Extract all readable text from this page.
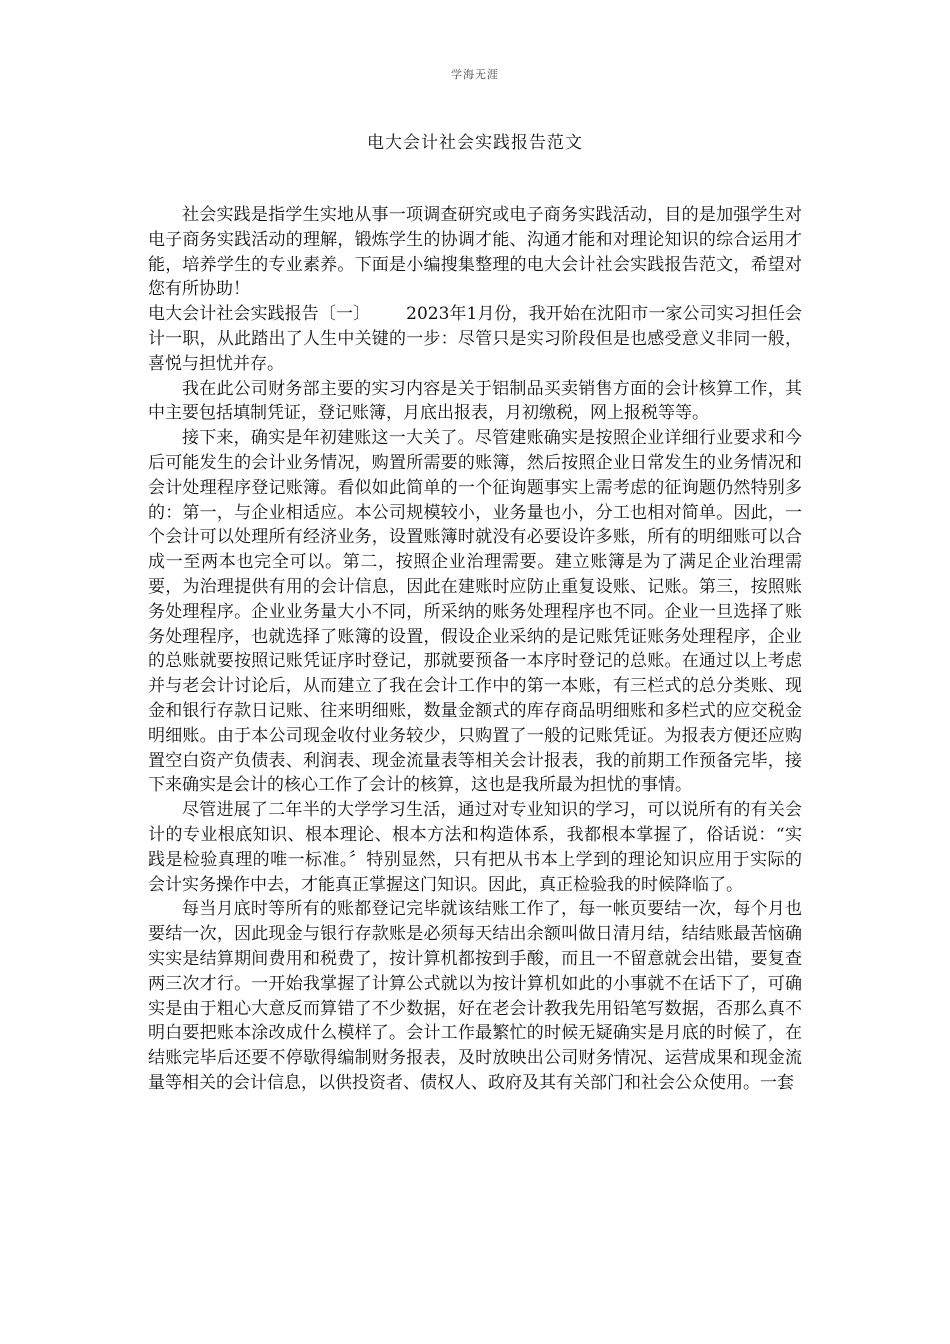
学海无涯
电大会计社会实践报告范文

社会实践是指学生实地从事一项调查研究或电子商务实践活动，目的是加强学生对电子商务实践活动的理解，锻炼学生的协调才能、沟通才能和对理论知识的综合运用才能，培养学生的专业素养。下面是小编搜集整理的电大会计社会实践报告范文，希望对您有所协助！

电大会计社会实践报告〔一〕 2023年1月份，我开始在沈阳市一家公司实习担任会计一职，从此踏出了人生中关键的一步：尽管只是实习阶段但是也感受意义非同一般，喜悦与担忧并存。

我在此公司财务部主要的实习内容是关于铝制品买卖销售方面的会计核算工作，其中主要包括填制凭证，登记账簿，月底出报表，月初缴税，网上报税等等。

接下来，确实是年初建账这一大关了。尽管建账确实是按照企业详细行业要求和今后可能发生的会计业务情况，购置所需要的账簿，然后按照企业日常发生的业务情况和会计处理程序登记账簿。看似如此简单的一个征询题事实上需考虑的征询题仍然特别多的：第一，与企业相适应。本公司规模较小，业务量也小，分工也相对简单。因此，一个会计可以处理所有经济业务，设置账簿时就没有必要设许多账，所有的明细账可以合成一至两本也完全可以。第二，按照企业治理需要。建立账簿是为了满足企业治理需要，为治理提供有用的会计信息，因此在建账时应防止重复设账、记账。第三，按照账务处理程序。企业业务量大小不同，所采纳的账务处理程序也不同。企业一旦选择了账务处理程序，也就选择了账簿的设置，假设企业采纳的是记账凭证账务处理程序，企业的总账就要按照记账凭证序时登记，那就要预备一本序时登记的总账。在通过以上考虑并与老会计讨论后，从而建立了我在会计工作中的第一本账，有三栏式的总分类账、现金和银行存款日记账、往来明细账，数量金额式的库存商品明细账和多栏式的应交税金明细账。由于本公司现金收付业务较少，只购置了一般的记账凭证。为报表方便还应购置空白资产负债表、利润表、现金流量表等相关会计报表，我的前期工作预备完毕，接下来确实是会计的核心工作了会计的核算，这也是我所最为担忧的事情。

尽管进展了二年半的大学学习生活，通过对专业知识的学习，可以说所有的有关会计的专业根底知识、根本理论、根本方法和构造体系，我都根本掌握了，俗话说：“实践是检验真理的唯一标准。〞特别显然，只有把从书本上学到的理论知识应用于实际的会计实务操作中去，才能真正掌握这门知识。因此，真正检验我的时候降临了。

每当月底时等所有的账都登记完毕就该结账工作了，每一帐页要结一次，每个月也要结一次，因此现金与银行存款账是必须每天结出余额叫做日清月结，结结账最苦恼确实实是结算期间费用和税费了，按计算机都按到手酸，而且一不留意就会出错，要复查两三次才行。一开始我掌握了计算公式就以为按计算机如此的小事就不在话下了，可确实是由于粗心大意反而算错了不少数据，好在老会计教我先用铅笔写数据，否那么真不明白要把账本涂改成什么模样了。会计工作最繁忙的时候无疑确实是月底的时候了，在结账完毕后还要不停歇得编制财务报表，及时放映出公司财务情况、运营成果和现金流量等相关的会计信息，以供投资者、债权人、政府及其有关部门和社会公众使用。一套
